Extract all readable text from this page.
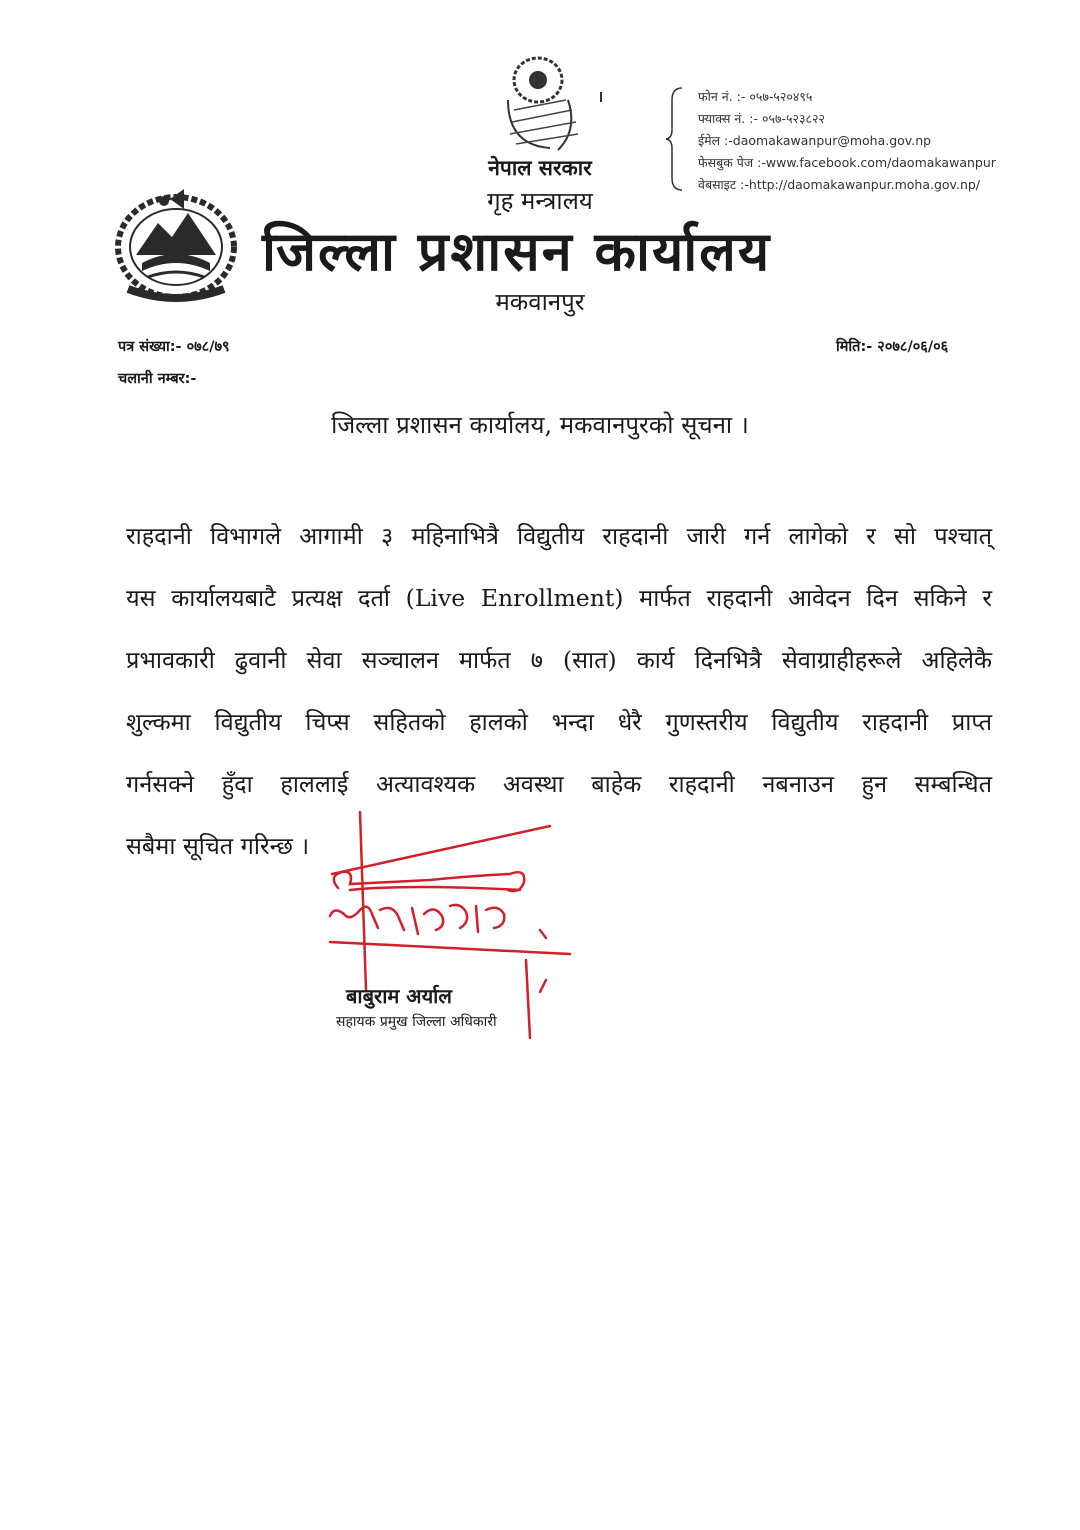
नेपाल सरकार
गृह मन्त्रालय
जिल्ला प्रशासन कार्यालय
मकवानपुर
फोन नं. :- ०५७-५२०४९५
फ्याक्स नं. :- ०५७-५२३८२२
ईमेल :-daomakawanpur@moha.gov.np
फेसबुक पेज :-www.facebook.com/daomakawanpur
वेबसाइट :-http://daomakawanpur.moha.gov.np/
पत्र संख्या:- ०७८/७९
चलानी नम्बर:-
मिति:- २०७८/०६/०६
जिल्ला प्रशासन कार्यालय, मकवानपुरको सूचना ।
राहदानी विभागले आगामी ३ महिनाभित्रै विद्युतीय राहदानी जारी गर्न लागेको र सो पश्चात्
यस कार्यालयबाटै प्रत्यक्ष दर्ता (Live Enrollment) मार्फत राहदानी आवेदन दिन सकिने र
प्रभावकारी ढुवानी सेवा सञ्चालन मार्फत ७ (सात) कार्य दिनभित्रै सेवाग्राहीहरूले अहिलेकै
शुल्कमा विद्युतीय चिप्स सहितको हालको भन्दा धेरै गुणस्तरीय विद्युतीय राहदानी प्राप्त
गर्नसक्ने हुँदा हाललाई अत्यावश्यक अवस्था बाहेक राहदानी नबनाउन हुन सम्बन्धित
सबैमा सूचित गरिन्छ ।
बाबुराम अर्याल
सहायक प्रमुख जिल्ला अधिकारी
